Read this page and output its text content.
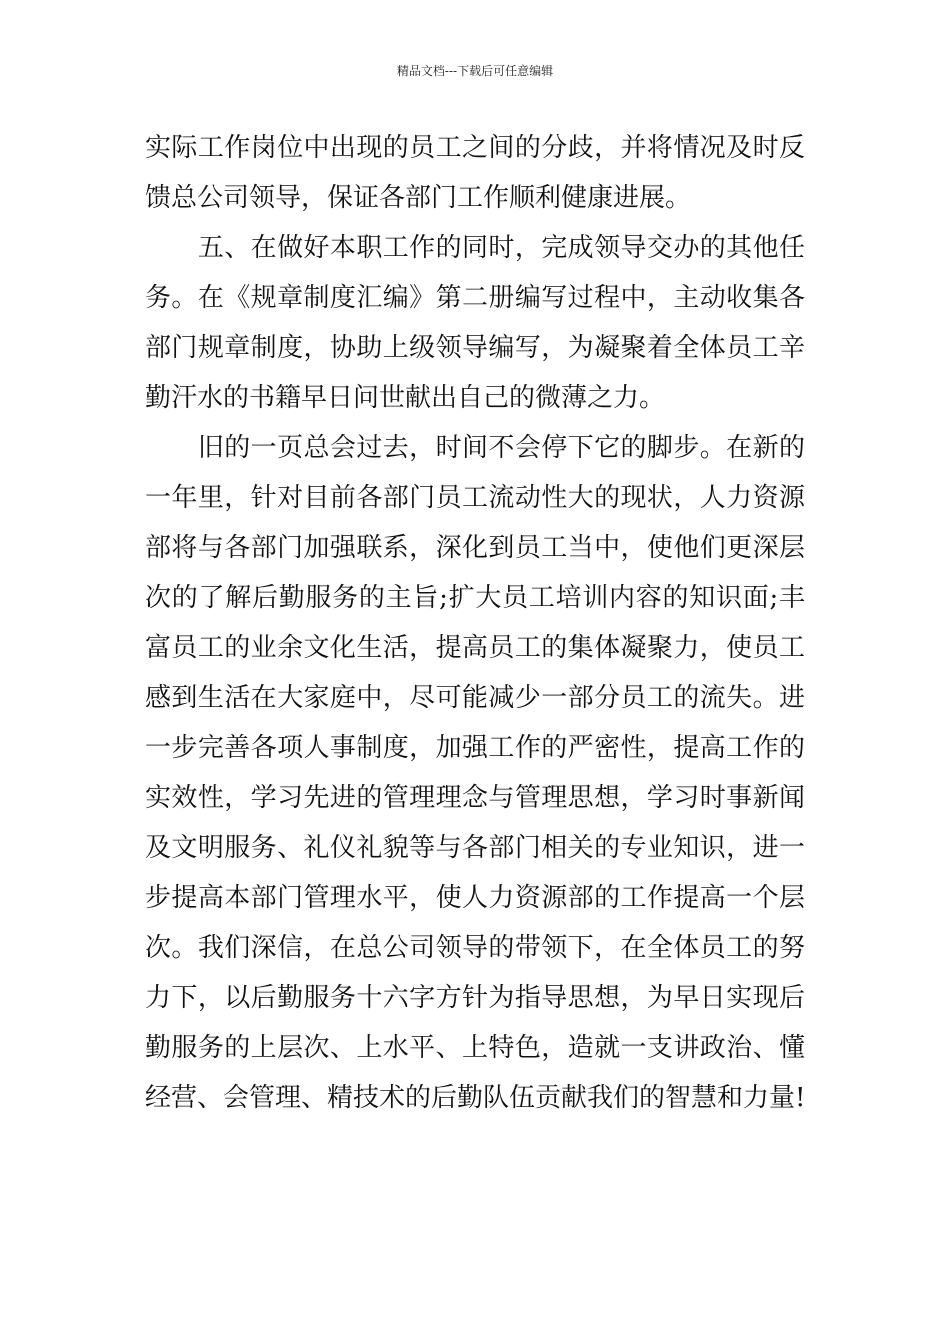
精品文档---下载后可任意编辑
实际工作岗位中出现的员工之间的分歧，并将情况及时反
馈总公司领导，保证各部门工作顺利健康进展。
　　五、在做好本职工作的同时，完成领导交办的其他任
务。在《规章制度汇编》第二册编写过程中，主动收集各
部门规章制度，协助上级领导编写，为凝聚着全体员工辛
勤汗水的书籍早日问世献出自己的微薄之力。
　　旧的一页总会过去，时间不会停下它的脚步。在新的
一年里，针对目前各部门员工流动性大的现状，人力资源
部将与各部门加强联系，深化到员工当中，使他们更深层
次的了解后勤服务的主旨;扩大员工培训内容的知识面;丰
富员工的业余文化生活，提高员工的集体凝聚力，使员工
感到生活在大家庭中，尽可能减少一部分员工的流失。进
一步完善各项人事制度，加强工作的严密性，提高工作的
实效性，学习先进的管理理念与管理思想，学习时事新闻
及文明服务、礼仪礼貌等与各部门相关的专业知识，进一
步提高本部门管理水平，使人力资源部的工作提高一个层
次。我们深信，在总公司领导的带领下，在全体员工的努
力下，以后勤服务十六字方针为指导思想，为早日实现后
勤服务的上层次、上水平、上特色，造就一支讲政治、懂
经营、会管理、精技术的后勤队伍贡献我们的智慧和力量!
